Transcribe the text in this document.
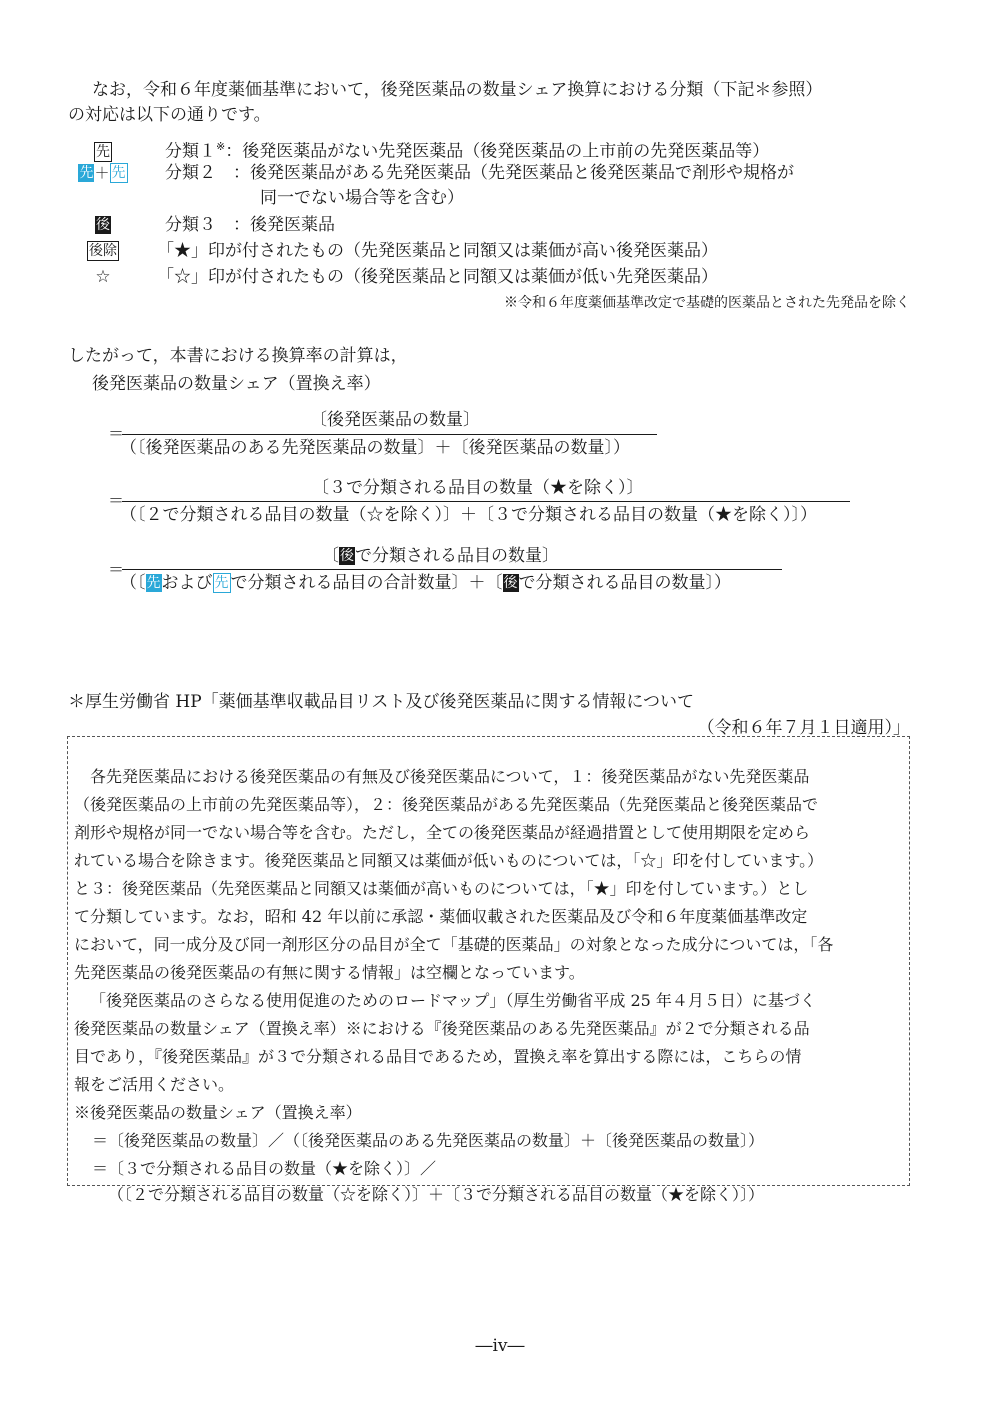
なお，令和６年度薬価基準において，後発医薬品の数量シェア換算における分類（下記＊参照）
の対応は以下の通りです。
先	分類１※：後発医薬品がない先発医薬品（後発医薬品の上市前の先発医薬品等）
先＋ 先 分類２ ：後発医薬品がある先発医薬品（先発医薬品と後発医薬品で剤形や規格が
同一でない場合等を含む）
後	分類３ ：後発医薬品
後除 「★」印が付されたもの（先発医薬品と同額又は薬価が高い後発医薬品）
☆	「☆」印が付されたもの（後発医薬品と同額又は薬価が低い先発医薬品）
※令和６年度薬価基準改定で基礎的医薬品とされた先発品を除く
したがって，本書における換算率の計算は，
後発医薬品の数量シェア（置換え率）
＝
〔後発医薬品の数量〕
（〔後発医薬品のある先発医薬品の数量〕＋〔後発医薬品の数量〕）
＝
〔３で分類される品目の数量（★を除く）〕
（〔２で分類される品目の数量（☆を除く）〕＋〔３で分類される品目の数量（★を除く）〕）
＝
〔後で分類される品目の数量〕
（〔先および 先 で分類される品目の合計数量〕＋〔後で分類される品目の数量〕）
＊厚生労働省 HP「薬価基準収載品目リスト及び後発医薬品に関する情報について
（令和６年７月１日適用）」
各先発医薬品における後発医薬品の有無及び後発医薬品について，１：後発医薬品がない先発医薬品
（後発医薬品の上市前の先発医薬品等），２：後発医薬品がある先発医薬品（先発医薬品と後発医薬品で
剤形や規格が同一でない場合等を含む。ただし，全ての後発医薬品が経過措置として使用期限を定めら
れている場合を除きます。後発医薬品と同額又は薬価が低いものについては，「☆」印を付しています。）
と３：後発医薬品（先発医薬品と同額又は薬価が高いものについては，「★」印を付しています。）とし
て分類しています。なお，昭和 42 年以前に承認・薬価収載された医薬品及び令和６年度薬価基準改定
において，同一成分及び同一剤形区分の品目が全て「基礎的医薬品」の対象となった成分については，「各
先発医薬品の後発医薬品の有無に関する情報」は空欄となっています。
「後発医薬品のさらなる使用促進のためのロードマップ」（厚生労働省平成 25 年４月５日）に基づく
後発医薬品の数量シェア（置換え率）※における『後発医薬品のある先発医薬品』が２で分類される品
目であり，『後発医薬品』が３で分類される品目であるため，置換え率を算出する際には，こちらの情
報をご活用ください。
※後発医薬品の数量シェア（置換え率）
＝〔後発医薬品の数量〕／（〔後発医薬品のある先発医薬品の数量〕＋〔後発医薬品の数量〕）
＝〔３で分類される品目の数量（★を除く）〕／
（〔２で分類される品目の数量（☆を除く）〕＋〔３で分類される品目の数量（★を除く）〕）
―iv―
